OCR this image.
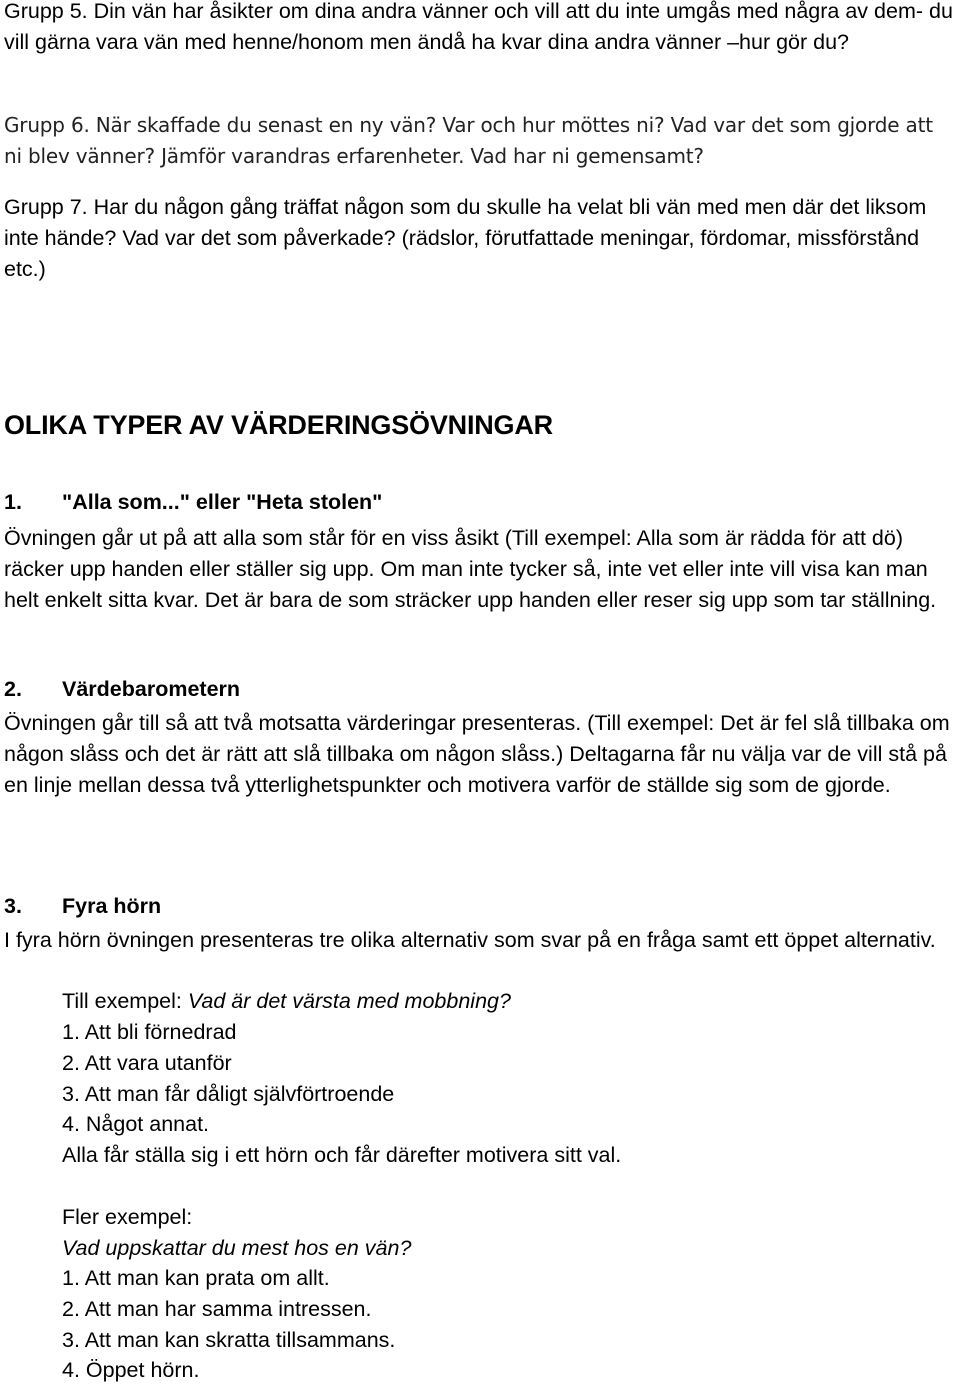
Grupp 5. Din vän har åsikter om dina andra vänner och vill att du inte umgås med några av dem- du vill gärna vara vän med henne/honom men ändå ha kvar dina andra vänner –hur gör du?
Grupp 6. När skaffade du senast en ny vän? Var och hur möttes ni? Vad var det som gjorde att ni blev vänner? Jämför varandras erfarenheter. Vad har ni gemensamt?
Grupp 7. Har du någon gång träffat någon som du skulle ha velat bli vän med men där det liksom inte hände? Vad var det som påverkade? (rädslor, förutfattade meningar, fördomar, missförstånd etc.)
OLIKA TYPER AV VÄRDERINGSÖVNINGAR
1. "Alla som..." eller "Heta stolen"
Övningen går ut på att alla som står för en viss åsikt (Till exempel: Alla som är rädda för att dö) räcker upp handen eller ställer sig upp. Om man inte tycker så, inte vet eller inte vill visa kan man helt enkelt sitta kvar. Det är bara de som sträcker upp handen eller reser sig upp som tar ställning.
2. Värdebarometern
Övningen går till så att två motsatta värderingar presenteras. (Till exempel: Det är fel slå tillbaka om någon slåss och det är rätt att slå tillbaka om någon slåss.) Deltagarna får nu välja var de vill stå på en linje mellan dessa två ytterlighetspunkter och motivera varför de ställde sig som de gjorde.
3. Fyra hörn
I fyra hörn övningen presenteras tre olika alternativ som svar på en fråga samt ett öppet alternativ.
Till exempel: Vad är det värsta med mobbning?
1. Att bli förnedrad
2. Att vara utanför
3. Att man får dåligt självförtroende
4. Något annat.
Alla får ställa sig i ett hörn och får därefter motivera sitt val.
Fler exempel:
Vad uppskattar du mest hos en vän?
1. Att man kan prata om allt.
2. Att man har samma intressen.
3. Att man kan skratta tillsammans.
4. Öppet hörn.
